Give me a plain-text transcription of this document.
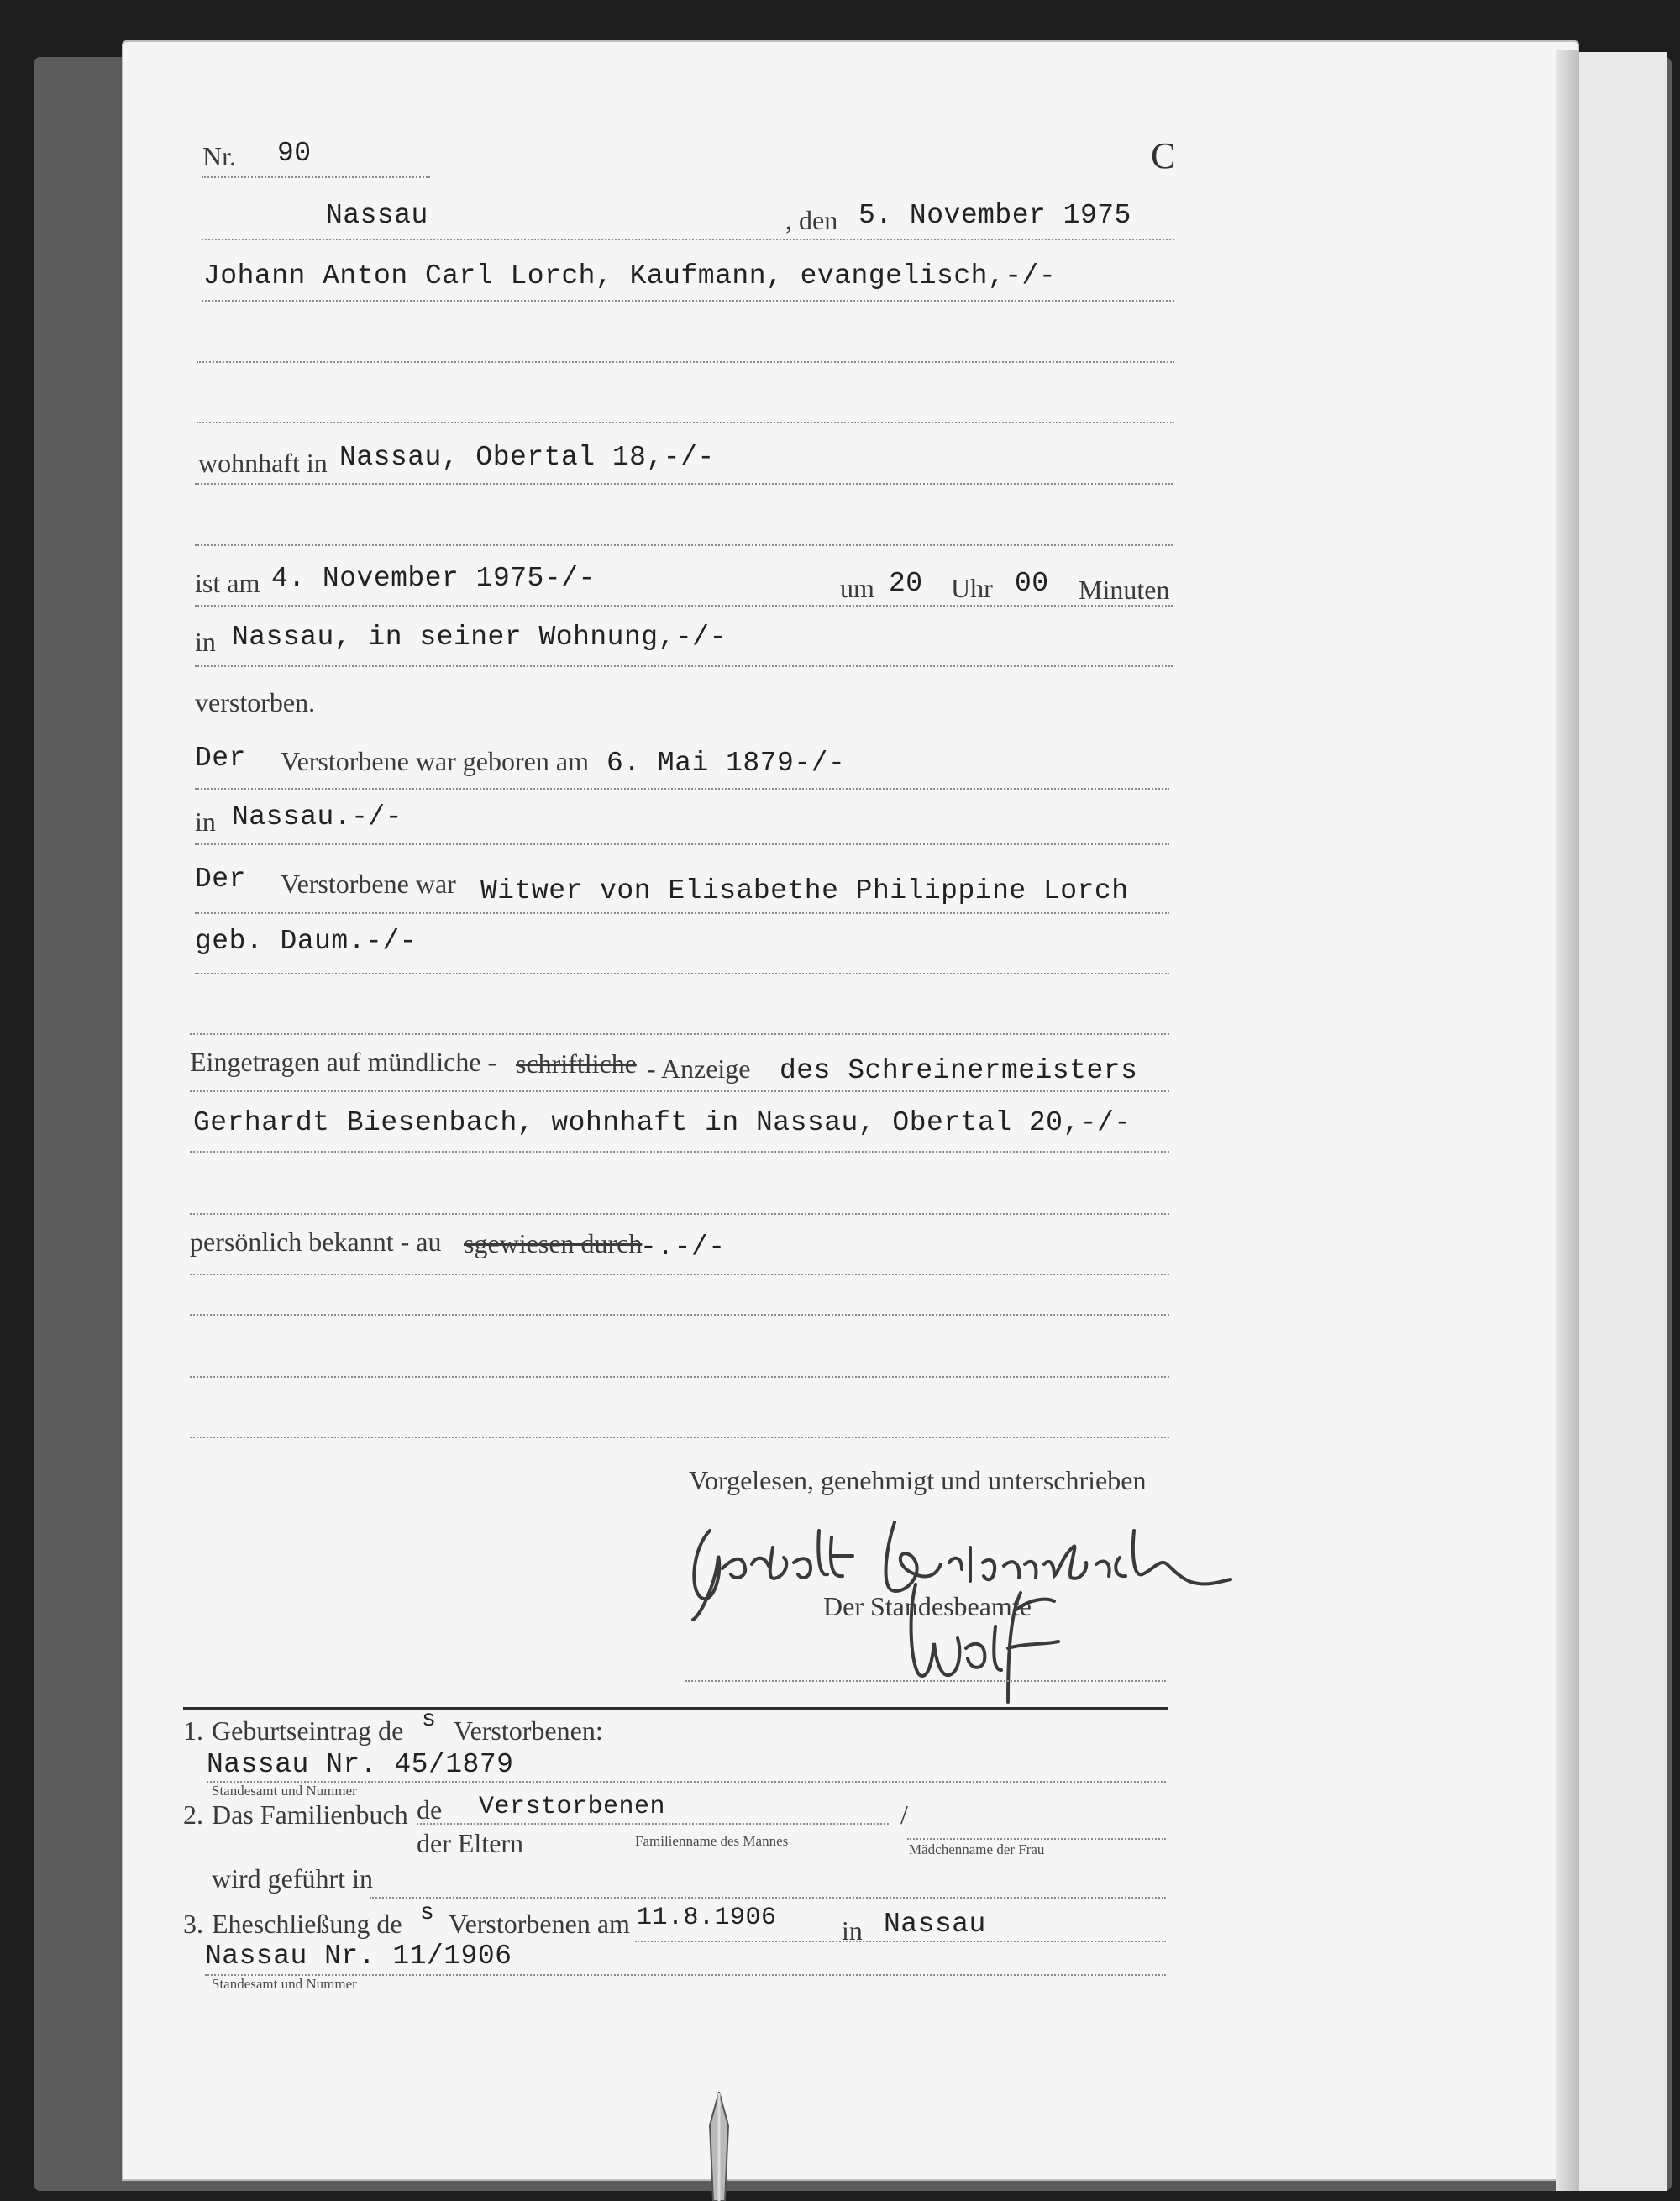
Nr. 90	C
Nassau	, den 5. November 1975
Johann Anton Carl Lorch, Kaufmann, evangelisch,-/-
wohnhaft in Nassau, Obertal 18,-/-
ist am 4. November 1975-/-	um 20 Uhr 00 Minuten
in Nassau, in seiner Wohnung,-/-
verstorben.
Der Verstorbene war geboren am 6. Mai 1879-/-
in Nassau.-/-
Der Verstorbene war Witwer von Elisabethe Philippine Lorch
geb. Daum.-/-
Eingetragen auf mündliche - schriftliche - Anzeige des Schreinermeisters
Gerhardt Biesenbach, wohnhaft in Nassau, Obertal 20,-/-
persönlich bekannt - au sgewiesen durch
-.-/-
Vorgelesen, genehmigt und unterschrieben
Der Standesbeamte
1. Geburtseintrag de s Verstorbenen:
Nassau Nr. 45/1879
Standesamt und Nummer
2. Das Familienbuch de Verstorbenen	/
der Eltern	Familienname des Mannes
Mädchenname der Frau
wird geführt in
3. Eheschließung de s Verstorbenen am 11.8.1906 in Nassau
Nassau Nr. 11/1906
Standesamt und Nummer
